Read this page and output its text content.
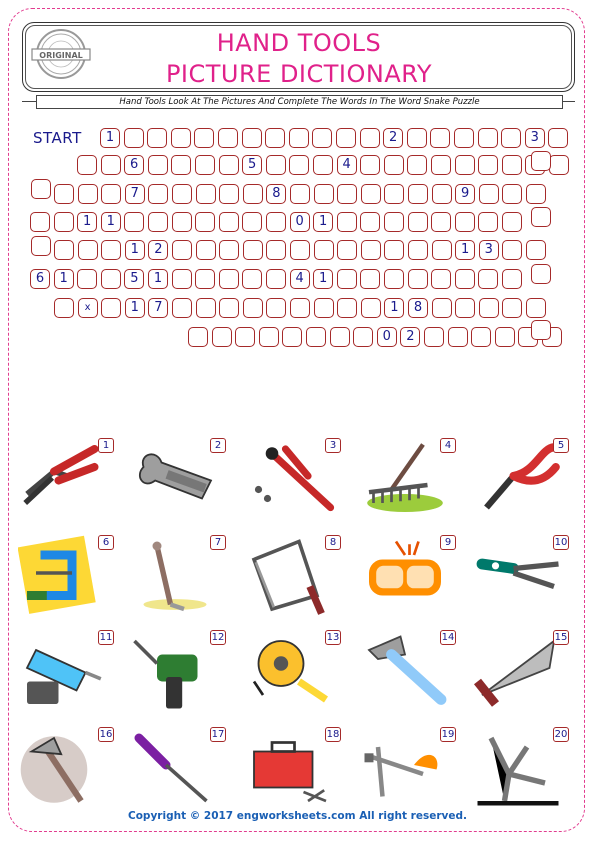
ORIGINAL	HAND TOOLS
PICTURE DICTIONARY
Hand Tools Look At The Pictures And Complete The Words In The Word Snake Puzzle
START	1	2	3
6	5	4
7	8	9
1	1	0	1
1	2	1	3
6	1	5	1	4	1
x	1	7	1	8
0	2
1	2	3	4	5
6	7	8	9	10
11	12	13	14	15
16	17	18	19	20
Copyright © 2017 engworksheets.com All right reserved.
